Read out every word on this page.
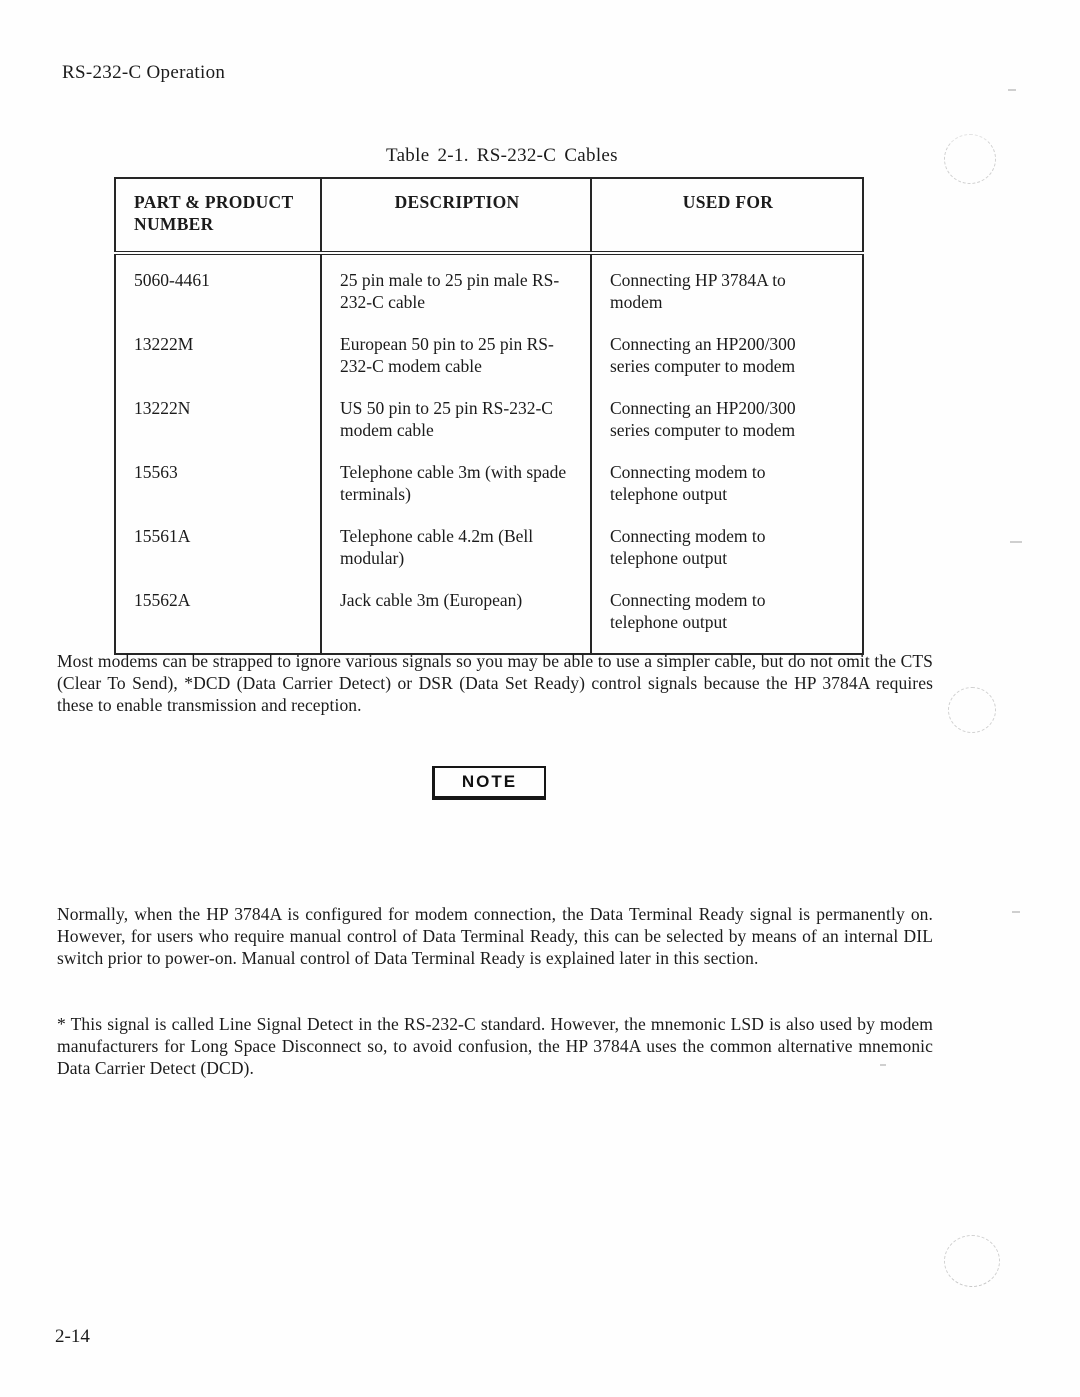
RS-232-C Operation
Table 2-1. RS-232-C Cables
PART & PRODUCT NUMBER	DESCRIPTION	USED FOR
5060-4461	25 pin male to 25 pin male RS-232-C cable	Connecting HP 3784A to modem

13222M	European 50 pin to 25 pin RS-232-C modem cable	Connecting an HP200/300 series computer to modem

13222N	US 50 pin to 25 pin RS-232-C modem cable	Connecting an HP200/300 series computer to modem

15563	Telephone cable 3m (with spade terminals)	Connecting modem to telephone output

15561A	Telephone cable 4.2m (Bell modular)	Connecting modem to telephone output

15562A	Jack cable 3m (European)	Connecting modem to telephone output

Most modems can be strapped to ignore various signals so you may be able to use a simpler cable, but do not omit the CTS (Clear To Send), *DCD (Data Carrier Detect) or DSR (Data Set Ready) control signals because the HP 3784A requires these to enable transmission and reception.

NOTE

Normally, when the HP 3784A is configured for modem connection, the Data Terminal Ready signal is permanently on. However, for users who require manual control of Data Terminal Ready, this can be selected by means of an internal DIL switch prior to power-on. Manual control of Data Terminal Ready is explained later in this section.

* This signal is called Line Signal Detect in the RS-232-C standard. However, the mnemonic LSD is also used by modem manufacturers for Long Space Disconnect so, to avoid confusion, the HP 3784A uses the common alternative mnemonic Data Carrier Detect (DCD).

2-14
